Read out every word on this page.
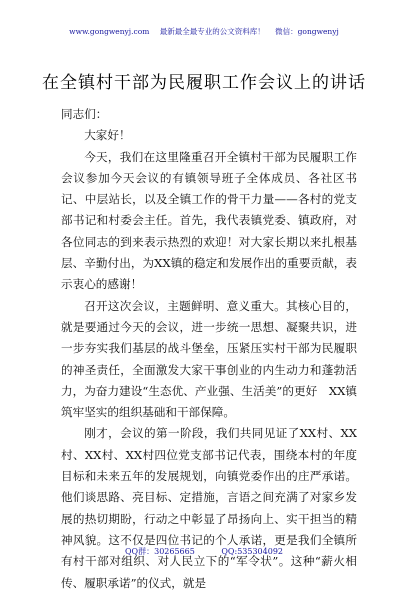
www.gongwenyj.com 最新最全最专业的公文资料库！ 微信：gongwenyj
在全镇村干部为民履职工作会议上的讲话

同志们：

大家好！

今天，我们在这里隆重召开全镇村干部为民履职工作会议参加今天会议的有镇领导班子全体成员、各社区书记、中层站长，以及全镇工作的骨干力量——各村的党支部书记和村委会主任。首先，我代表镇党委、镇政府，对各位同志的到来表示热烈的欢迎！对大家长期以来扎根基层、辛勤付出，为XX镇的稳定和发展作出的重要贡献，表示衷心的感谢！

召开这次会议，主题鲜明、意义重大。其核心目的，就是要通过今天的会议，进一步统一思想、凝聚共识，进一步夯实我们基层的战斗堡垒，压紧压实村干部为民履职的神圣责任，全面激发大家干事创业的内生动力和蓬勃活力，为奋力建设“生态优、产业强、生活美”的更好　XX镇筑牢坚实的组织基础和干部保障。

刚才，会议的第一阶段，我们共同见证了XX村、XX村、XX村、XX村四位党支部书记代表，围绕本村的年度目标和未来五年的发展规划，向镇党委作出的庄严承诺。他们谈思路、亮目标、定措施，言语之间充满了对家乡发展的热切期盼，行动之中彰显了昂扬向上、实干担当的精神风貌。这不仅是四位书记的个人承诺，更是我们全镇所有村干部对组织、对人民立下的“军令状”。这种“薪火相传、履职承诺”的仪式，就是

QQ群：30265665	QQ:535304092
